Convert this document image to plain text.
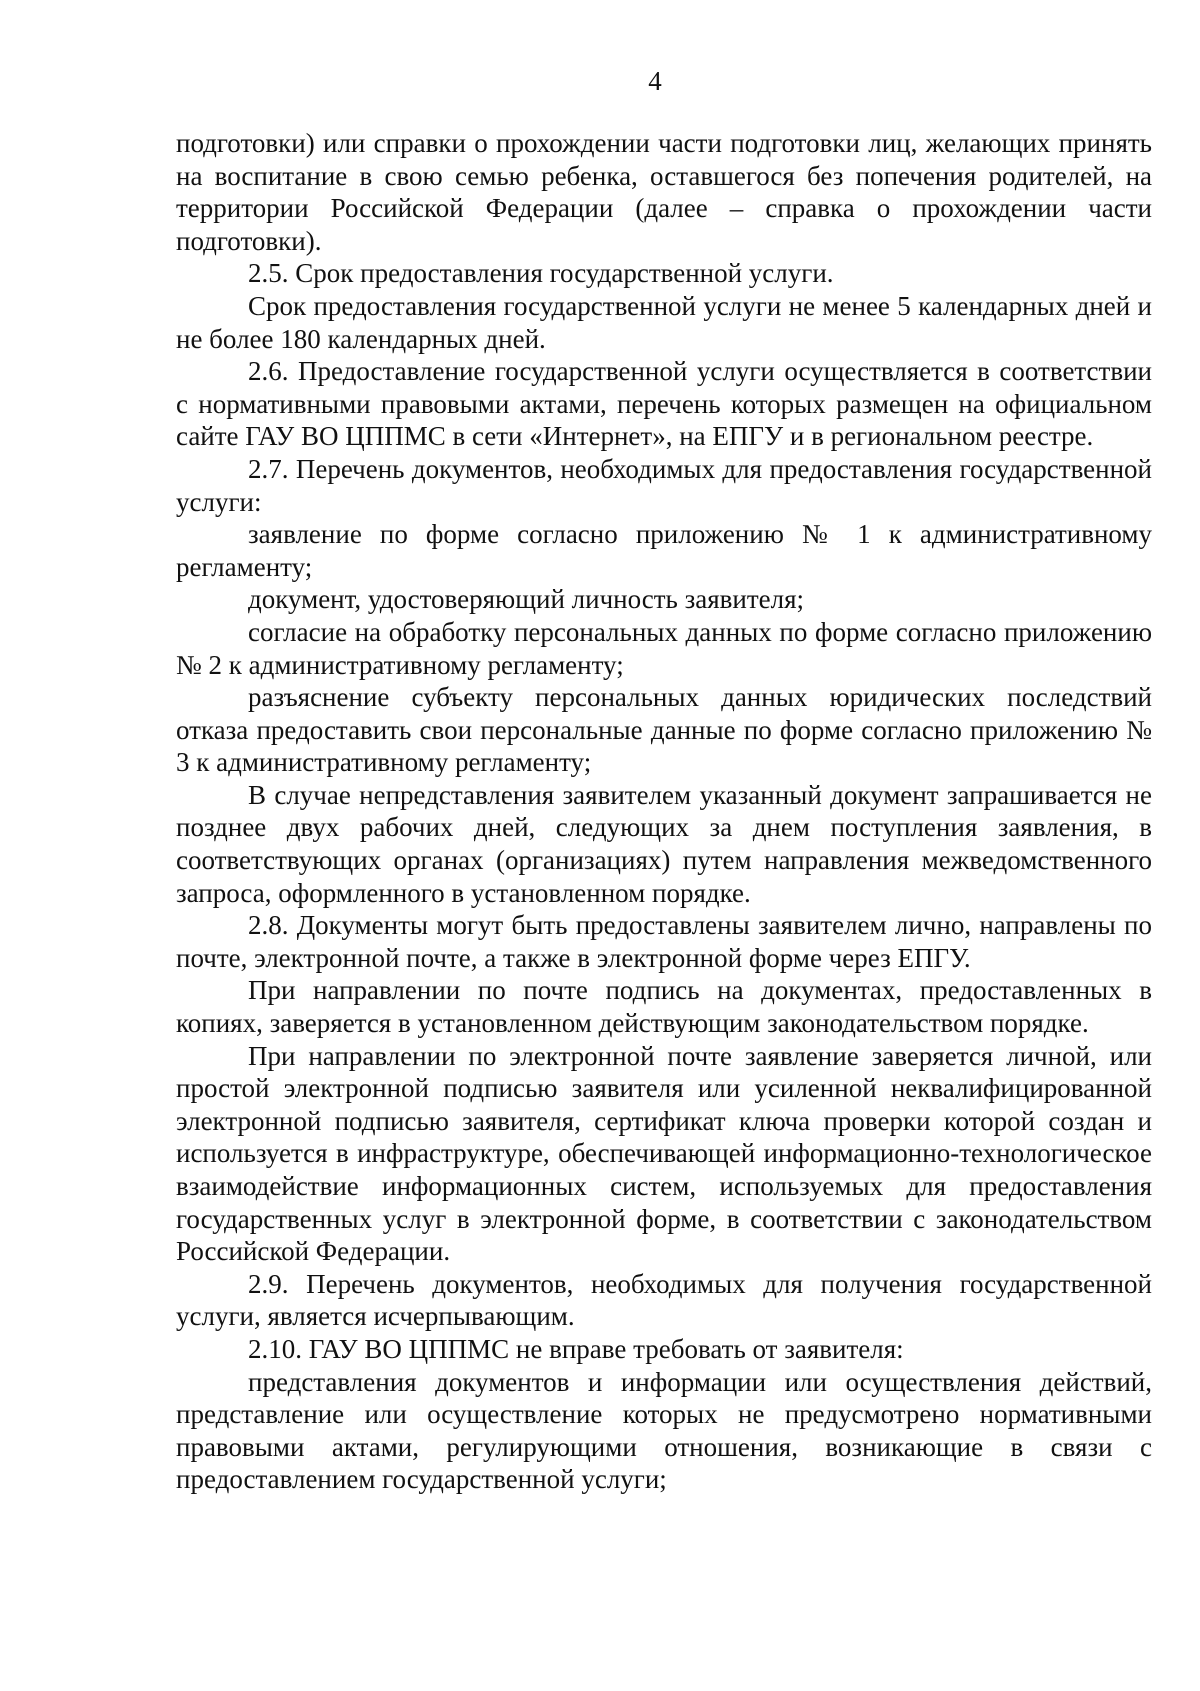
4

подготовки) или справки о прохождении части подготовки лиц, желающих принять на воспитание в свою семью ребенка, оставшегося без попечения родителей, на территории Российской Федерации (далее – справка о прохождении части подготовки).

2.5. Срок предоставления государственной услуги.

Срок предоставления государственной услуги не менее 5 календарных дней и не более 180 календарных дней.

2.6. Предоставление государственной услуги осуществляется в соответствии с нормативными правовыми актами, перечень которых размещен на официальном сайте ГАУ ВО ЦППМС в сети «Интернет», на ЕПГУ и в региональном реестре.

2.7. Перечень документов, необходимых для предоставления государственной услуги:

заявление по форме согласно приложению № 1 к административному регламенту;

документ, удостоверяющий личность заявителя;

согласие на обработку персональных данных по форме согласно приложению № 2 к административному регламенту;

разъяснение субъекту персональных данных юридических последствий отказа предоставить свои персональные данные по форме согласно приложению № 3 к административному регламенту;

В случае непредставления заявителем указанный документ запрашивается не позднее двух рабочих дней, следующих за днем поступления заявления, в соответствующих органах (организациях) путем направления межведомственного запроса, оформленного в установленном порядке.

2.8. Документы могут быть предоставлены заявителем лично, направлены по почте, электронной почте, а также в электронной форме через ЕПГУ.

При направлении по почте подпись на документах, предоставленных в копиях, заверяется в установленном действующим законодательством порядке.

При направлении по электронной почте заявление заверяется личной, или простой электронной подписью заявителя или усиленной неквалифицированной электронной подписью заявителя, сертификат ключа проверки которой создан и используется в инфраструктуре, обеспечивающей информационно-технологическое взаимодействие информационных систем, используемых для предоставления государственных услуг в электронной форме, в соответствии с законодательством Российской Федерации.

2.9. Перечень документов, необходимых для получения государственной услуги, является исчерпывающим.

2.10. ГАУ ВО ЦППМС не вправе требовать от заявителя:

представления документов и информации или осуществления действий, представление или осуществление которых не предусмотрено нормативными правовыми актами, регулирующими отношения, возникающие в связи с предоставлением государственной услуги;
